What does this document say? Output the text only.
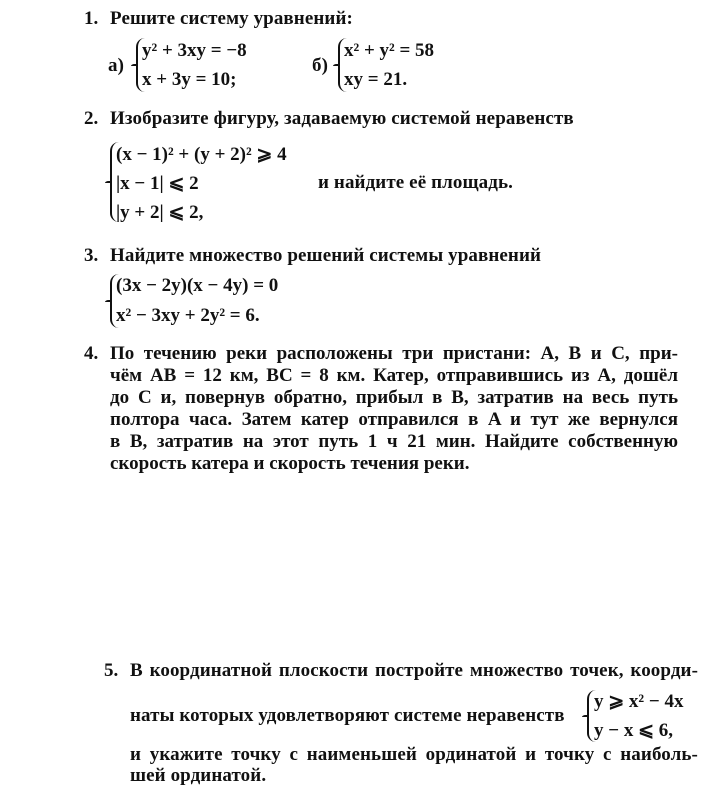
1. Решите систему уравнений:
а)
y² + 3xy = −8
x + 3y = 10;
б)
x² + y² = 58
xy = 21.
2. Изобразите фигуру, задаваемую системой неравенств
(x − 1)² + (y + 2)² ⩾ 4
|x − 1| ⩽ 2
|y + 2| ⩽ 2,
и найдите её площадь.
3. Найдите множество решений системы уравнений
(3x − 2y)(x − 4y) = 0
x² − 3xy + 2y² = 6.
4. По течению реки расположены три пристани: A, B и C, при-
чём AB = 12 км, BC = 8 км. Катер, отправившись из A, дошёл
до C и, повернув обратно, прибыл в B, затратив на весь путь
полтора часа. Затем катер отправился в A и тут же вернулся
в B, затратив на этот путь 1 ч 21 мин. Найдите собственную
скорость катера и скорость течения реки.
5. В координатной плоскости постройте множество точек, коорди-
наты которых удовлетворяют системе неравенств
y ⩾ x² − 4x
y − x ⩽ 6,
и укажите точку с наименьшей ординатой и точку с наиболь-
шей ординатой.
